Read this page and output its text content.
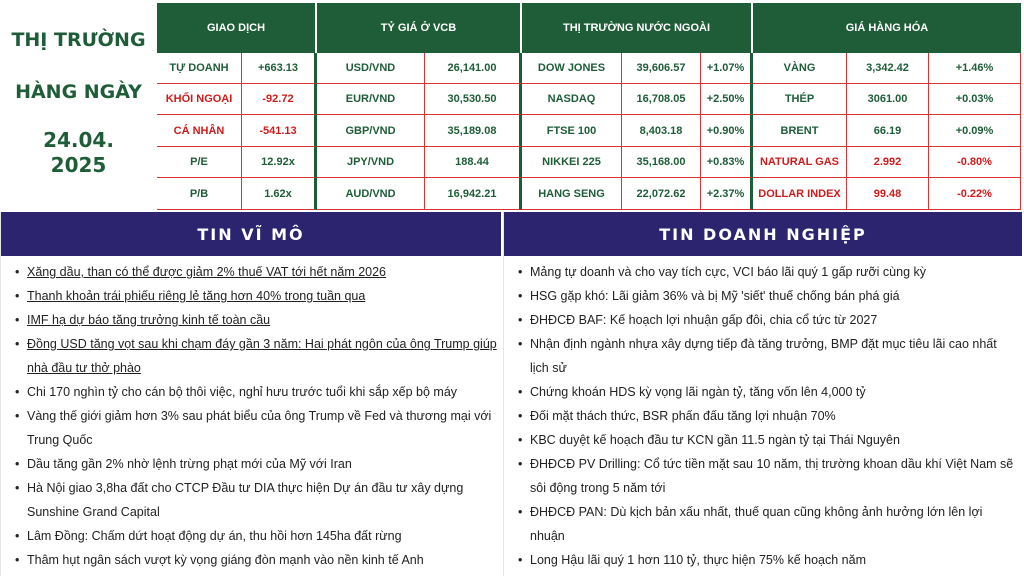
THỊ TRƯỜNG
HÀNG NGÀY
24.04.
2025
GIAO DỊCH	TỶ GIÁ Ở VCB	THỊ TRƯỜNG NƯỚC NGOÀI	GIÁ HÀNG HÓA
TỰ DOANH	+663.13	USD/VND	26,141.00	DOW JONES	39,606.57	+1.07%	VÀNG	3,342.42	+1.46%
KHỐI NGOẠI	-92.72	EUR/VND	30,530.50	NASDAQ	16,708.05	+2.50%	THÉP	3061.00	+0.03%
CÁ NHÂN	-541.13	GBP/VND	35,189.08	FTSE 100	8,403.18	+0.90%	BRENT	66.19	+0.09%
P/E	12.92x	JPY/VND	188.44	NIKKEI 225	35,168.00	+0.83%	NATURAL GAS	2.992	-0.80%
P/B	1.62x	AUD/VND	16,942.21	HANG SENG	22,072.62	+2.37%	DOLLAR INDEX	99.48	-0.22%
TIN VĨ MÔ
• Xăng dầu, than có thể được giảm 2% thuế VAT tới hết năm 2026
• Thanh khoản trái phiếu riêng lẻ tăng hơn 40% trong tuần qua
• IMF hạ dự báo tăng trưởng kinh tế toàn cầu
• Đồng USD tăng vọt sau khi chạm đáy gần 3 năm: Hai phát ngôn của ông Trump giúp nhà đầu tư thở phào
• Chi 170 nghìn tỷ cho cán bộ thôi việc, nghỉ hưu trước tuổi khi sắp xếp bộ máy
• Vàng thế giới giảm hơn 3% sau phát biểu của ông Trump về Fed và thương mại với Trung Quốc
• Dầu tăng gần 2% nhờ lệnh trừng phạt mới của Mỹ với Iran
• Hà Nội giao 3,8ha đất cho CTCP Đầu tư DIA thực hiện Dự án đầu tư xây dựng Sunshine Grand Capital
• Lâm Đồng: Chấm dứt hoạt động dự án, thu hồi hơn 145ha đất rừng
• Thâm hụt ngân sách vượt kỳ vọng giáng đòn mạnh vào nền kinh tế Anh
TIN DOANH NGHIỆP
• Mảng tự doanh và cho vay tích cực, VCI báo lãi quý 1 gấp rưỡi cùng kỳ
• HSG gặp khó: Lãi giảm 36% và bị Mỹ 'siết' thuế chống bán phá giá
• ĐHĐCĐ BAF: Kế hoạch lợi nhuận gấp đôi, chia cổ tức từ 2027
• Nhận định ngành nhựa xây dựng tiếp đà tăng trưởng, BMP đặt mục tiêu lãi cao nhất lịch sử
• Chứng khoán HDS kỳ vọng lãi ngàn tỷ, tăng vốn lên 4,000 tỷ
• Đối mặt thách thức, BSR phấn đấu tăng lợi nhuận 70%
• KBC duyệt kế hoạch đầu tư KCN gần 11.5 ngàn tỷ tại Thái Nguyên
• ĐHĐCĐ PV Drilling: Cổ tức tiền mặt sau 10 năm, thị trường khoan dầu khí Việt Nam sẽ sôi động trong 5 năm tới
• ĐHĐCĐ PAN: Dù kịch bản xấu nhất, thuế quan cũng không ảnh hưởng lớn lên lợi nhuận
• Long Hậu lãi quý 1 hơn 110 tỷ, thực hiện 75% kế hoạch năm
